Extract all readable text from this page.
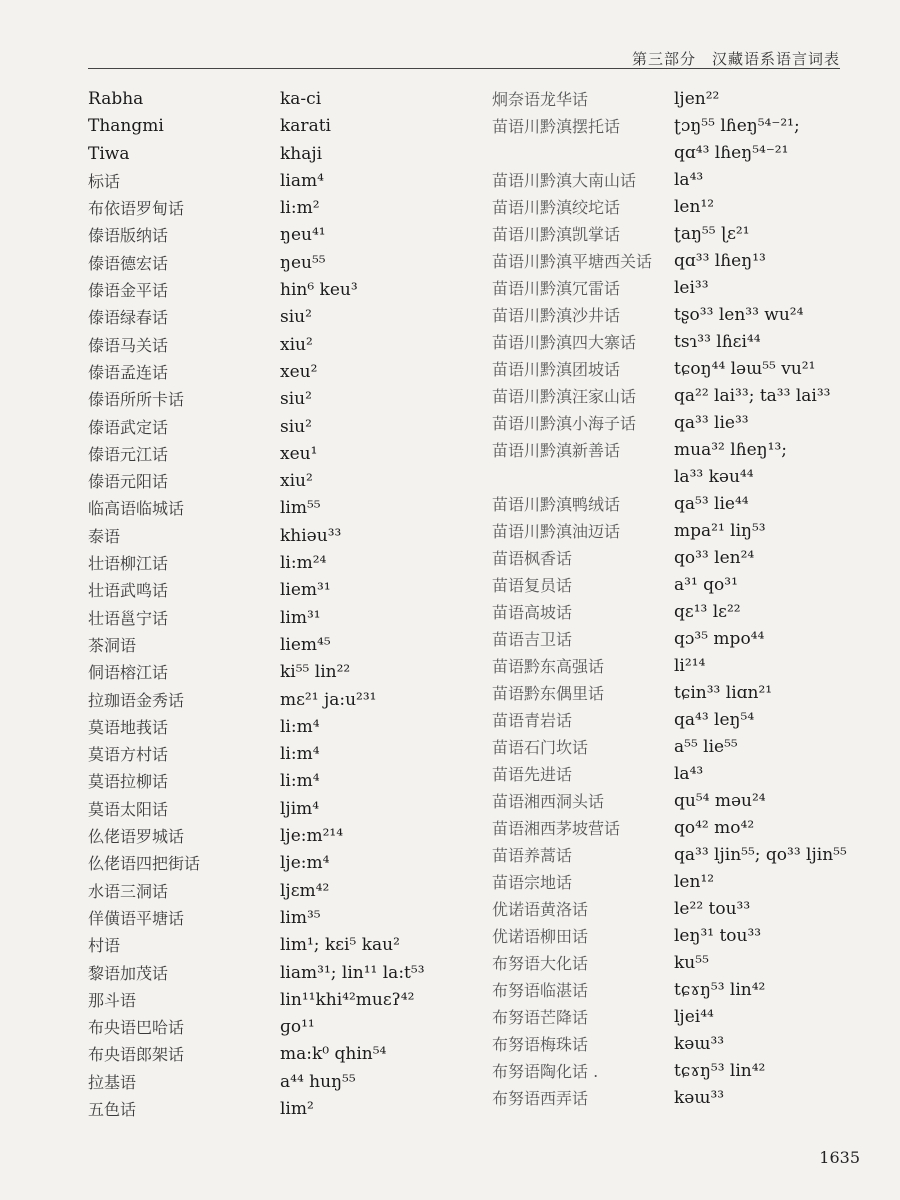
第三部分　汉藏语系语言词表
Rabha	ka-ci
Thangmi	karati
Tiwa	khaji
标话	liam⁴
布依语罗甸话	li:m²
傣语版纳话	ŋeu⁴¹
傣语德宏话	ŋeu⁵⁵
傣语金平话	hin⁶ keu³
傣语绿春话	siu²
傣语马关话	xiu²
傣语孟连话	xeu²
傣语所所卡话	siu²
傣语武定话	siu²
傣语元江话	xeu¹
傣语元阳话	xiu²
临高语临城话	lim⁵⁵
泰语	khiəu³³
壮语柳江话	li:m²⁴
壮语武鸣话	liem³¹
壮语邕宁话	lim³¹
茶洞语	liem⁴⁵
侗语榕江话	ki⁵⁵ lin²²
拉珈语金秀话	mɛ²¹ ja:u²³¹
莫语地莪话	li:m⁴
莫语方村话	li:m⁴
莫语拉柳话	li:m⁴
莫语太阳话	ljim⁴
仫佬语罗城话	lje:m²¹⁴
仫佬语四把街话	lje:m⁴
水语三洞话	ljɛm⁴²
佯僙语平塘话	lim³⁵
村语	lim¹; kɛi⁵ kau²
黎语加茂话	liam³¹; lin¹¹ la:t⁵³
那斗语	lin¹¹khi⁴²muɛʔ⁴²
布央语巴哈话	ɡo¹¹
布央语郎架话	ma:k⁰ qhin⁵⁴
拉基语	a⁴⁴ huŋ⁵⁵
五色话	lim²
炯奈语龙华话	ljen²²
苗语川黔滇摆托话	ʈɔŋ⁵⁵ lɦeŋ⁵⁴⁻²¹;
qɑ⁴³ lɦeŋ⁵⁴⁻²¹
苗语川黔滇大南山话 la⁴³
苗语川黔滇绞坨话	len¹²
苗语川黔滇凯掌话	ʈaŋ⁵⁵ ɭɛ²¹
苗语川黔滇平塘西关话 qɑ³³ lɦeŋ¹³
苗语川黔滇冗雷话	lei³³
苗语川黔滇沙井话	tʂo³³ len³³ wu²⁴
苗语川黔滇四大寨话 tsɿ³³ lɦɛi⁴⁴
苗语川黔滇团坡话	tɕoŋ⁴⁴ ləɯ⁵⁵ vu²¹
苗语川黔滇汪家山话 qa²² lai³³; ta³³ lai³³
苗语川黔滇小海子话 qa³³ lie³³
苗语川黔滇新善话	mua³² lɦeŋ¹³;
la³³ kəu⁴⁴
苗语川黔滇鸭绒话	qa⁵³ lie⁴⁴
苗语川黔滇油迈话	mpa²¹ liŋ⁵³
苗语枫香话	qo³³ len²⁴
苗语复员话	a³¹ qo³¹
苗语高坡话	qɛ¹³ lɛ²²
苗语吉卫话	qɔ³⁵ mpo⁴⁴
苗语黔东高强话	li²¹⁴
苗语黔东偶里话	tɕin³³ liɑn²¹
苗语青岩话	qa⁴³ leŋ⁵⁴
苗语石门坎话	a⁵⁵ lie⁵⁵
苗语先进话	la⁴³
苗语湘西洞头话	qu⁵⁴ məu²⁴
苗语湘西茅坡营话	qo⁴² mo⁴²
苗语养蒿话	qa³³ ljin⁵⁵; qo³³ ljin⁵⁵
苗语宗地话	len¹²
优诺语黄洛话	le²² tou³³
优诺语柳田话	leŋ³¹ tou³³
布努语大化话	ku⁵⁵
布努语临湛话	tɕɤŋ⁵³ lin⁴²
布努语芒降话	ljei⁴⁴
布努语梅珠话	kəɯ³³
布努语陶化话 .	tɕɤŋ⁵³ lin⁴²
布努语西弄话	kəɯ³³
1635
